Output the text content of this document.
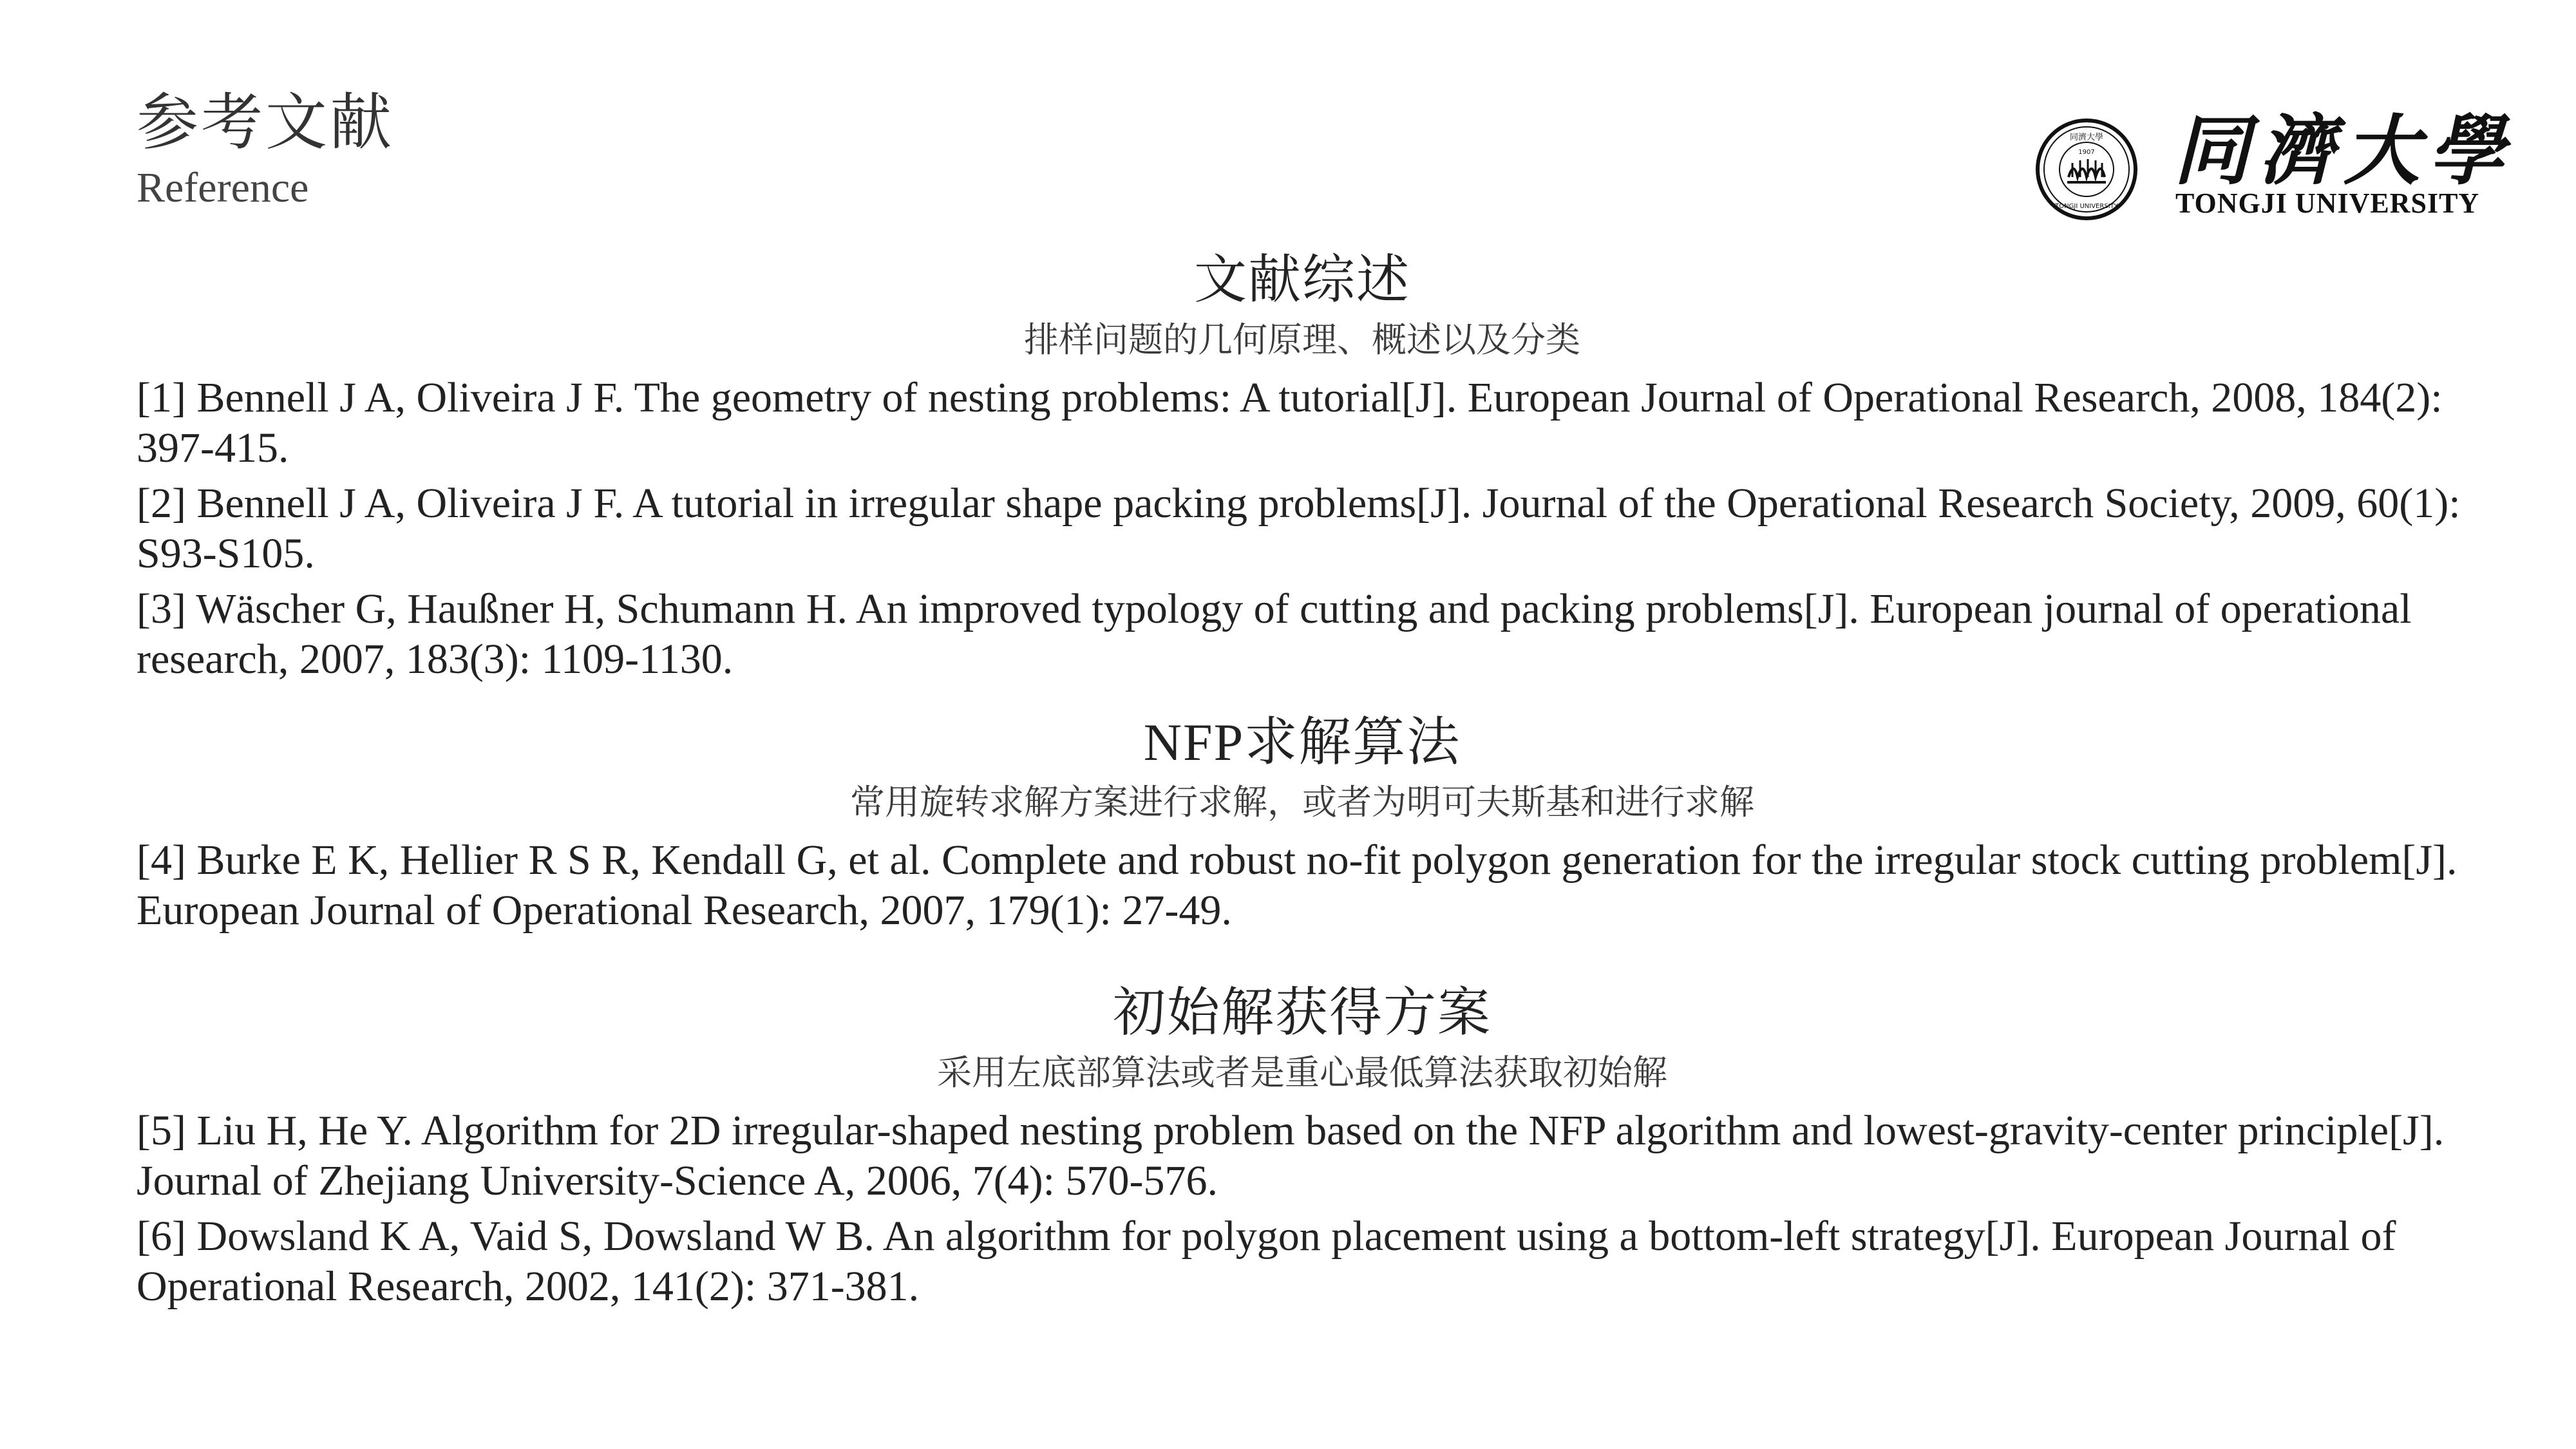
参考文献
Reference
同濟大學
1907
TONGJI UNIVERSITY
同濟大學
TONGJI UNIVERSITY
文献综述
排样问题的几何原理、概述以及分类
[1] Bennell J A, Oliveira J F. The geometry of nesting problems: A tutorial[J]. European Journal of Operational Research, 2008, 184(2): 397-415.
[2] Bennell J A, Oliveira J F. A tutorial in irregular shape packing problems[J]. Journal of the Operational Research Society, 2009, 60(1): S93-S105.
[3] Wäscher G, Haußner H, Schumann H. An improved typology of cutting and packing problems[J]. European journal of operational research, 2007, 183(3): 1109-1130.
NFP求解算法
常用旋转求解方案进行求解，或者为明可夫斯基和进行求解
[4] Burke E K, Hellier R S R, Kendall G, et al. Complete and robust no-fit polygon generation for the irregular stock cutting problem[J]. European Journal of Operational Research, 2007, 179(1): 27-49.
初始解获得方案
采用左底部算法或者是重心最低算法获取初始解
[5] Liu H, He Y. Algorithm for 2D irregular-shaped nesting problem based on the NFP algorithm and lowest-gravity-center principle[J]. Journal of Zhejiang University-Science A, 2006, 7(4): 570-576.
[6] Dowsland K A, Vaid S, Dowsland W B. An algorithm for polygon placement using a bottom-left strategy[J]. European Journal of Operational Research, 2002, 141(2): 371-381.
